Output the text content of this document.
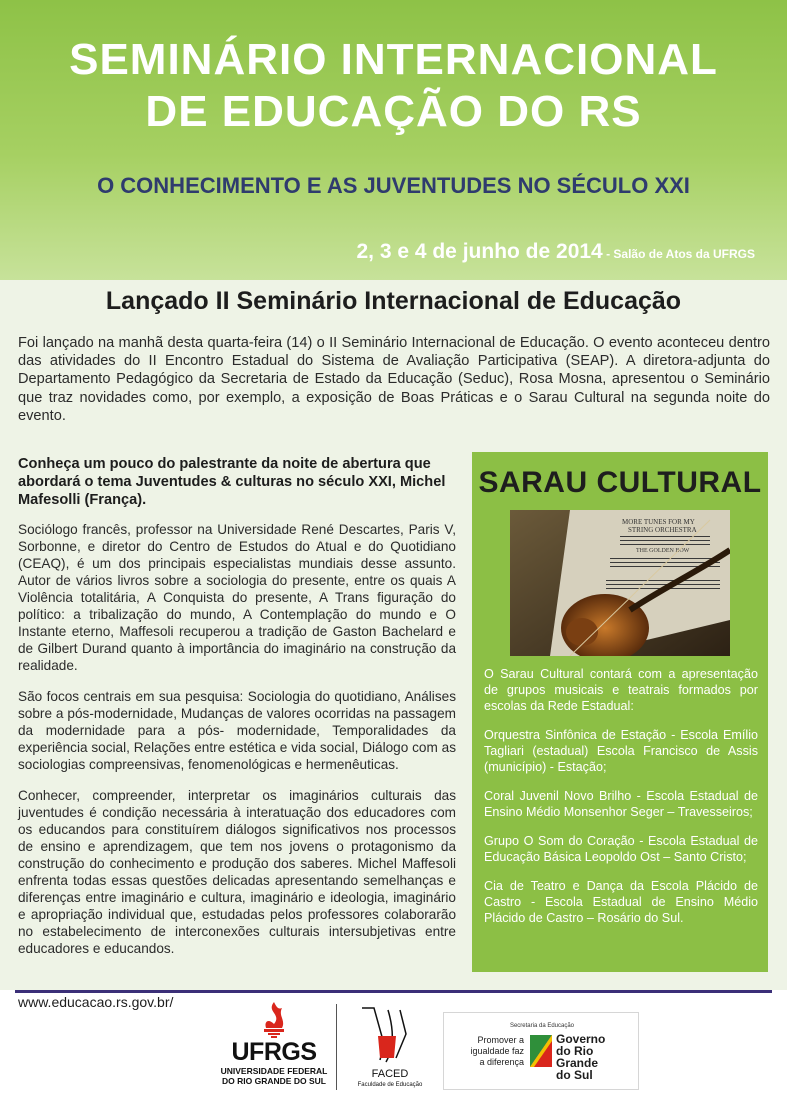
SEMINÁRIO INTERNACIONAL
DE EDUCAÇÃO DO RS
O CONHECIMENTO E AS JUVENTUDES NO SÉCULO XXI
2, 3 e 4 de junho de 2014 - Salão de Atos da UFRGS
Lançado II Seminário Internacional de Educação
Foi lançado na manhã desta quarta-feira (14) o II Seminário Internacional de Educação. O evento aconteceu dentro das atividades do II Encontro Estadual do Sistema de Avaliação Participativa (SEAP). A diretora-adjunta do Departamento Pedagógico da Secretaria de Estado da Educação (Seduc), Rosa Mosna, apresentou o Seminário que traz novidades como, por exemplo, a exposição de Boas Práticas e o Sarau Cultural na segunda noite do evento.
Conheça um pouco do palestrante da noite de abertura que abordará o tema Juventudes & culturas no século XXI, Michel Mafesolli (França).

Sociólogo francês, professor na Universidade René Descartes, Paris V, Sorbonne, e diretor do Centro de Estudos do Atual e do Quotidiano (CEAQ), é um dos principais especialistas mundiais desse assunto. Autor de vários livros sobre a sociologia do presente, entre os quais A Violência totalitária, A Conquista do presente, A Trans figuração do político: a tribalização do mundo, A Contemplação do mundo e O Instante eterno, Maffesoli recuperou a tradição de Gaston Bachelard e de Gilbert Durand quanto à importância do imaginário na construção da realidade.

São focos centrais em sua pesquisa: Sociologia do quotidiano, Análises sobre a pós-modernidade, Mudanças de valores ocorridas na passagem da modernidade para a pós- modernidade, Temporalidades da experiência social, Relações entre estética e vida social, Diálogo com as sociologias compreensivas, fenomenológicas e hermenêuticas.

Conhecer, compreender, interpretar os imaginários culturais das juventudes é condição necessária à interatuação dos educadores com os educandos para constituírem diálogos significativos nos processos de ensino e aprendizagem, que tem nos jovens o protagonismo da construção do conhecimento e produção dos saberes. Michel Maffesoli enfrenta todas essas questões delicadas apresentando semelhanças e diferenças entre imaginário e cultura, imaginário e ideologia, imaginário e apropriação individual que, estudadas pelos professores colaborarão no estabelecimento de interconexões culturais intersubjetivas entre educadores e educandos.

SARAU CULTURAL
MORE TUNES FOR MY
STRING ORCHESTRA
THE GOLDEN BOW

O Sarau Cultural contará com a apresentação de grupos musicais e teatrais formados por escolas da Rede Estadual:

Orquestra Sinfônica de Estação - Escola Emílio Tagliari (estadual) Escola Francisco de Assis (município) - Estação;

Coral Juvenil Novo Brilho - Escola Estadual de Ensino Médio Monsenhor Seger – Travesseiros;

Grupo O Som do Coração - Escola Estadual de Educação Básica Leopoldo Ost – Santo Cristo;

Cia de Teatro e Dança da Escola Plácido de Castro - Escola Estadual de Ensino Médio Plácido de Castro – Rosário do Sul.

www.educacao.rs.gov.br/
UFRGS
UNIVERSIDADE FEDERAL
DO RIO GRANDE DO SUL
FACED
Faculdade de Educação
Secretaria da Educação
Promover a
igualdade faz
a diferença
Governo
do Rio Grande
do Sul
